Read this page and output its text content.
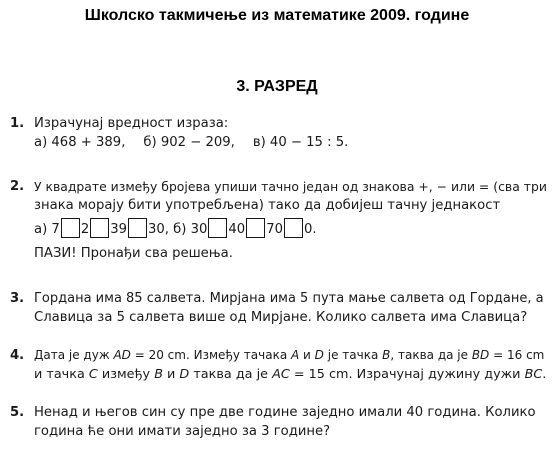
Школско такмичење из математике 2009. године
3. РАЗРЕД
1. Израчунај вредност израза:
а) 468 + 389, б) 902 − 209, в) 40 − 15 : 5.
2. У квадрате између бројева упиши тачно један од знакова +, − или = (сва три
знака морају бити употребљена) тако да добијеш тачну једнакост
а) 7 2 39 30, б) 30 40 70 0.
ПАЗИ! Пронађи сва решења.
3. Гордана има 85 салвета. Мирјана има 5 пута мање салвета од Гордане, а
Славица за 5 салвета више од Мирјане. Колико салвета има Славица?
4. Дата је дуж AD = 20 cm. Између тачака A и D је тачка B, таква да је BD = 16 cm
и тачка C између B и D таква да је AC = 15 cm. Израчунај дужину дужи BC.
5. Ненад и његов син су пре две године заједно имали 40 година. Колико
година ће они имати заједно за 3 године?
